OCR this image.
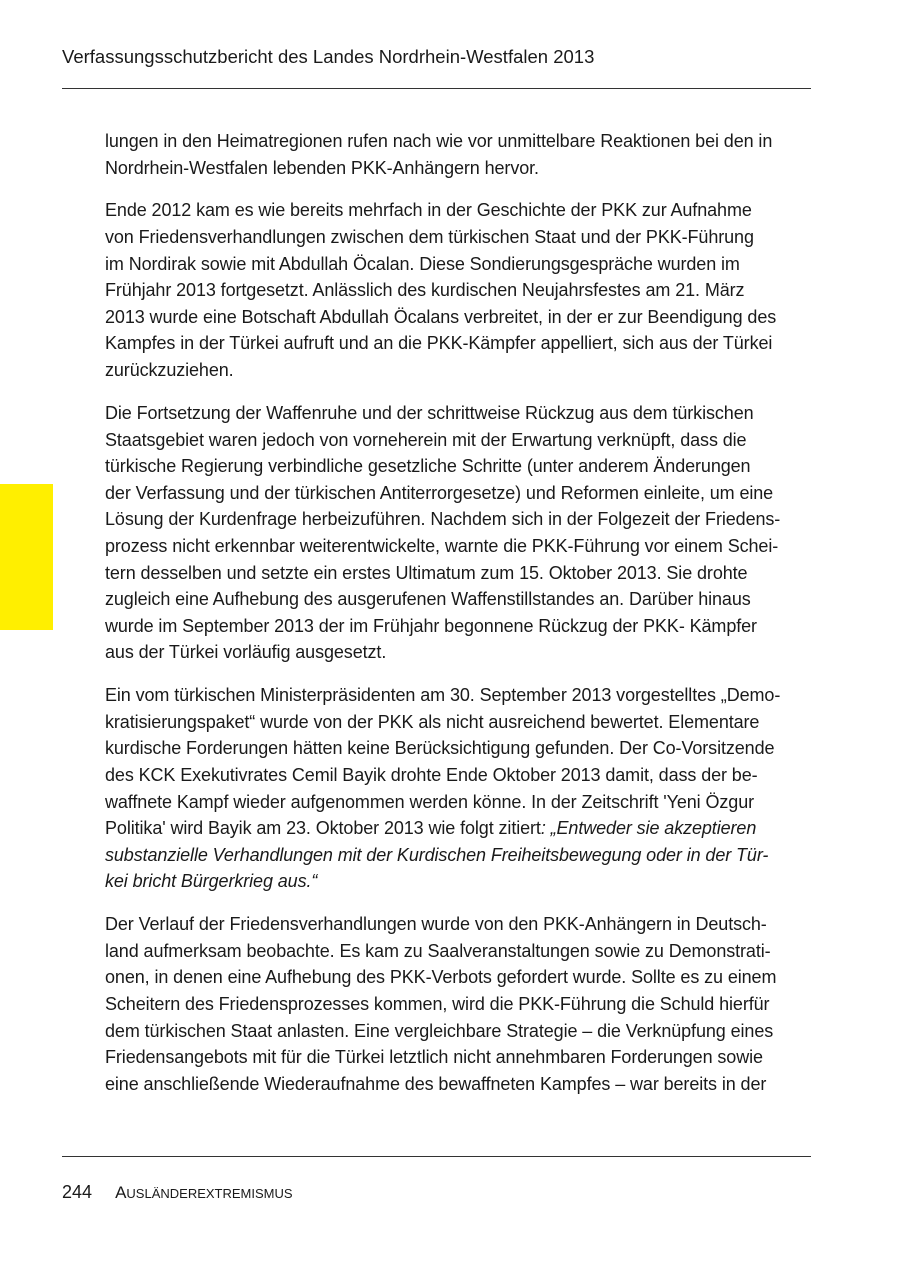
Verfassungsschutzbericht des Landes Nordrhein-Westfalen 2013

lungen in den Heimatregionen rufen nach wie vor unmittelbare Reaktionen bei den in
Nordrhein-Westfalen lebenden PKK-Anhängern hervor.

Ende 2012 kam es wie bereits mehrfach in der Geschichte der PKK zur Aufnahme
von Friedensverhandlungen zwischen dem türkischen Staat und der PKK-Führung
im Nordirak sowie mit Abdullah Öcalan. Diese Sondierungsgespräche wurden im
Frühjahr 2013 fortgesetzt. Anlässlich des kurdischen Neujahrsfestes am 21. März
2013 wurde eine Botschaft Abdullah Öcalans verbreitet, in der er zur Beendigung des
Kampfes in der Türkei aufruft und an die PKK-Kämpfer appelliert, sich aus der Türkei
zurückzuziehen.

Die Fortsetzung der Waffenruhe und der schrittweise Rückzug aus dem türkischen
Staatsgebiet waren jedoch von vorneherein mit der Erwartung verknüpft, dass die
türkische Regierung verbindliche gesetzliche Schritte (unter anderem Änderungen
der Verfassung und der türkischen Antiterrorgesetze) und Reformen einleite, um eine
Lösung der Kurdenfrage herbeizuführen. Nachdem sich in der Folgezeit der Friedens-
prozess nicht erkennbar weiterentwickelte, warnte die PKK-Führung vor einem Schei-
tern desselben und setzte ein erstes Ultimatum zum 15. Oktober 2013. Sie drohte
zugleich eine Aufhebung des ausgerufenen Waffenstillstandes an. Darüber hinaus
wurde im September 2013 der im Frühjahr begonnene Rückzug der PKK- Kämpfer
aus der Türkei vorläufig ausgesetzt.

Ein vom türkischen Ministerpräsidenten am 30. September 2013 vorgestelltes „Demo-
kratisierungspaket“ wurde von der PKK als nicht ausreichend bewertet. Elementare
kurdische Forderungen hätten keine Berücksichtigung gefunden. Der Co-Vorsitzende
des KCK Exekutivrates Cemil Bayik drohte Ende Oktober 2013 damit, dass der be-
waffnete Kampf wieder aufgenommen werden könne. In der Zeitschrift 'Yeni Özgur
Politika' wird Bayik am 23. Oktober 2013 wie folgt zitiert: „Entweder sie akzeptieren
substanzielle Verhandlungen mit der Kurdischen Freiheitsbewegung oder in der Tür-
kei bricht Bürgerkrieg aus.“

Der Verlauf der Friedensverhandlungen wurde von den PKK-Anhängern in Deutsch-
land aufmerksam beobachte. Es kam zu Saalveranstaltungen sowie zu Demonstrati-
onen, in denen eine Aufhebung des PKK-Verbots gefordert wurde. Sollte es zu einem
Scheitern des Friedensprozesses kommen, wird die PKK-Führung die Schuld hierfür
dem türkischen Staat anlasten. Eine vergleichbare Strategie – die Verknüpfung eines
Friedensangebots mit für die Türkei letztlich nicht annehmbaren Forderungen sowie
eine anschließende Wiederaufnahme des bewaffneten Kampfes – war bereits in der

244 AUSLÄNDEREXTREMISMUS
